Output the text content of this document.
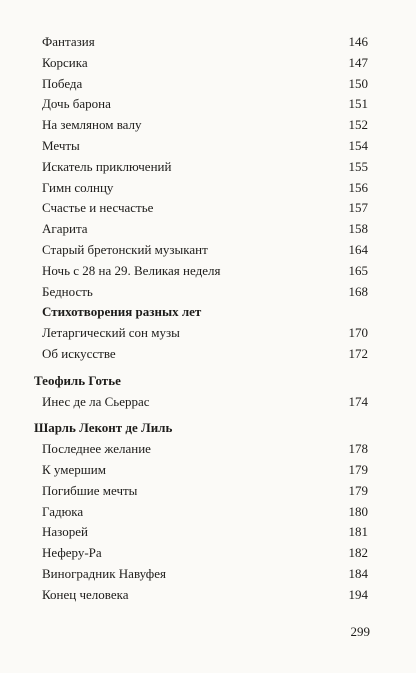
Фантазия	146
Корсика	147
Победа	150
Дочь барона	151
На земляном валу	152
Мечты	154
Искатель приключений	155
Гимн солнцу	156
Счастье и несчастье	157
Агарита	158
Старый бретонский музыкант	164
Ночь с 28 на 29. Великая неделя	165
Бедность	168
Стихотворения разных лет
Летаргический сон музы	170
Об искусстве	172
Теофиль Готье
Инес де ла Сьеррас	174
Шарль Леконт де Лиль
Последнее желание	178
К умершим	179
Погибшие мечты	179
Гадюка	180
Назорей	181
Неферу-Ра	182
Виноградник Навуфея	184
Конец человека	194
299
